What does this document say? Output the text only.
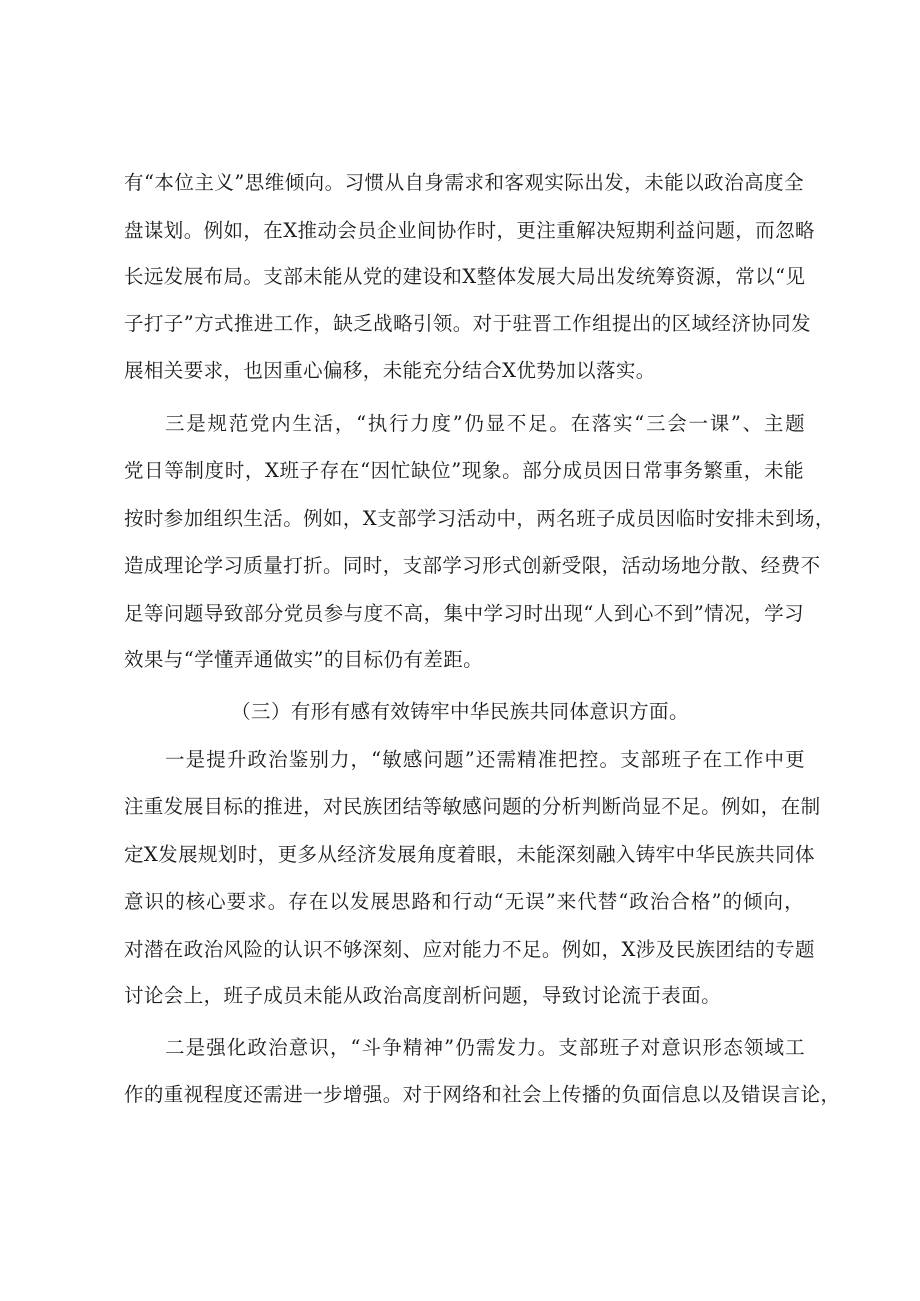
有“本位主义”思维倾向。习惯从自身需求和客观实际出发，未能以政治高度全
盘谋划。例如，在X推动会员企业间协作时，更注重解决短期利益问题，而忽略
长远发展布局。支部未能从党的建设和X整体发展大局出发统筹资源，常以“见
子打子”方式推进工作，缺乏战略引领。对于驻晋工作组提出的区域经济协同发
展相关要求，也因重心偏移，未能充分结合X优势加以落实。
三是规范党内生活，“执行力度”仍显不足。在落实“三会一课”、主题
党日等制度时，X班子存在“因忙缺位”现象。部分成员因日常事务繁重，未能
按时参加组织生活。例如，X支部学习活动中，两名班子成员因临时安排未到场，
造成理论学习质量打折。同时，支部学习形式创新受限，活动场地分散、经费不
足等问题导致部分党员参与度不高，集中学习时出现“人到心不到”情况，学习
效果与“学懂弄通做实”的目标仍有差距。
（三）有形有感有效铸牢中华民族共同体意识方面。
一是提升政治鉴别力，“敏感问题”还需精准把控。支部班子在工作中更
注重发展目标的推进，对民族团结等敏感问题的分析判断尚显不足。例如，在制
定X发展规划时，更多从经济发展角度着眼，未能深刻融入铸牢中华民族共同体
意识的核心要求。存在以发展思路和行动“无误”来代替“政治合格”的倾向，
对潜在政治风险的认识不够深刻、应对能力不足。例如，X涉及民族团结的专题
讨论会上，班子成员未能从政治高度剖析问题，导致讨论流于表面。
二是强化政治意识，“斗争精神”仍需发力。支部班子对意识形态领域工
作的重视程度还需进一步增强。对于网络和社会上传播的负面信息以及错误言论，
